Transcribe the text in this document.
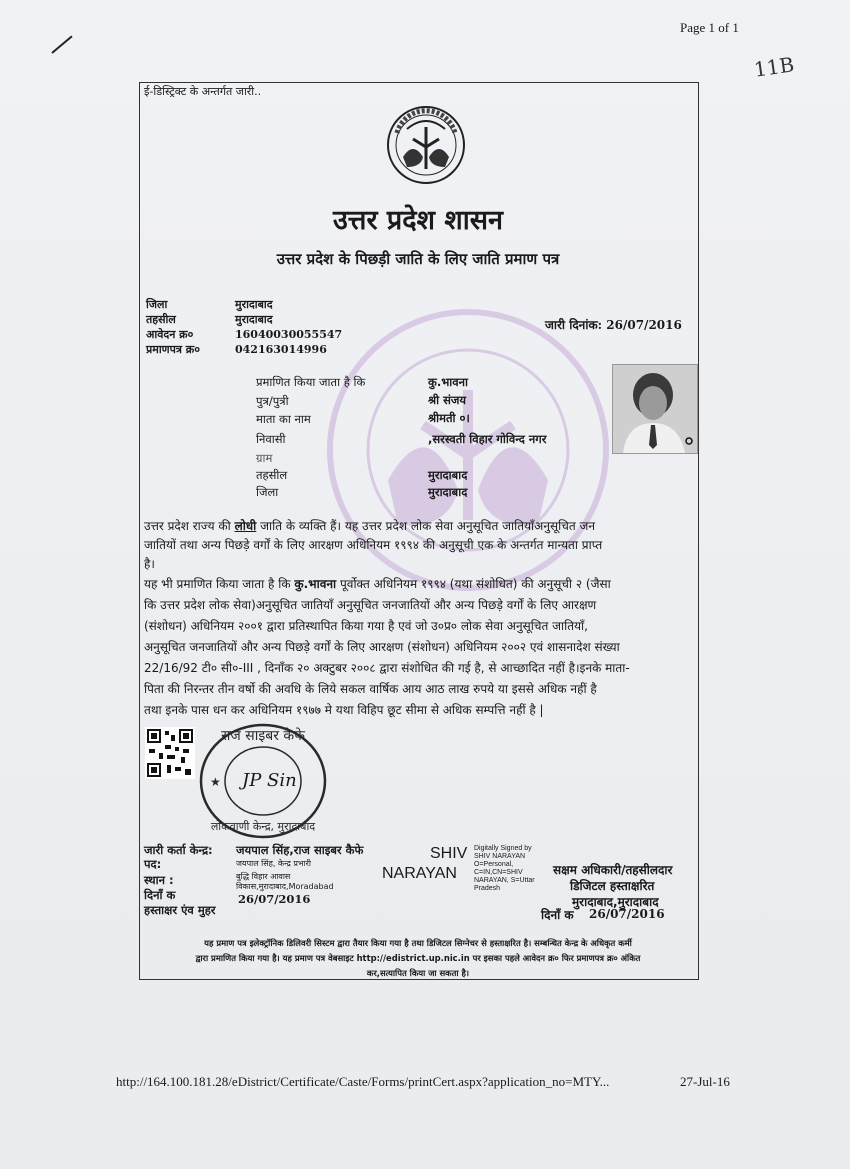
Page 1 of 1
11B
ई-डिस्ट्रिक्ट के अन्तर्गत जारी..
उत्तर प्रदेश शासन
उत्तर प्रदेश के पिछड़ी जाति के लिए जाति प्रमाण पत्र
जिला	मुरादाबाद
तहसील	मुरादाबाद
आवेदन क्र०	16040030055547
प्रमाणपत्र क्र०	042163014996
जारी दिनांक: 26/07/2016
प्रमाणित किया जाता है कि	कु.भावना
पुत्र/पुत्री	श्री संजय
माता का नाम	श्रीमती ०।
निवासी	,सरस्वती विहार गोविन्द नगर
ग्राम
तहसील	मुरादाबाद
जिला	मुरादाबाद
उत्तर प्रदेश राज्य की लोधी जाति के व्यक्ति हैं। यह उत्तर प्रदेश लोक सेवा अनुसूचित जातियाँअनुसूचित जन
जातियों तथा अन्य पिछड़े वर्गों के लिए आरक्षण अधिनियम १९९४ की अनुसूची एक के अन्तर्गत मान्यता प्राप्त
है।
यह भी प्रमाणित किया जाता है कि कु.भावना पूर्वोक्त अधिनियम १९९४ (यथा संशोधित) की अनुसूची २ (जैसा
कि उत्तर प्रदेश लोक सेवा)अनुसूचित जातियाँ अनुसूचित जनजातियों और अन्य पिछड़े वर्गों के लिए आरक्षण
(संशोधन) अधिनियम २००१ द्वारा प्रतिस्थापित किया गया है एवं जो उ०प्र० लोक सेवा अनुसूचित जातियाँ,
अनुसूचित जनजातियों और अन्य पिछड़े वर्गों के लिए आरक्षण (संशोधन) अधिनियम २००२ एवं शासनादेश संख्या
22/16/92 टी० सी०-III , दिनाँक २० अक्टुबर २००८ द्वारा संशोधित की गई है, से आच्छादित नहीं है।इनके माता-
पिता की निरन्तर तीन वर्षो की अवधि के लिये सकल वार्षिक आय आठ लाख रुपये या इससे अधिक नहीं है
तथा इनके पास धन कर अधिनियम १९७७ मे यथा विहिप छूट सीमा से अधिक सम्पत्ति नहीं है |
राज साइबर कैफे
लोकवाणी केन्द्र, मुरादाबाद
★ JP Sin
जारी कर्ता केन्द्र: जयपाल सिंह,राज साइबर कैफे
पद:	जयपाल सिंह, केन्द्र प्रभारी
स्थान :	बुद्धि विहार आवास
विकास,मुरादाबाद,Moradabad
दिनाँ क	26/07/2016
हस्ताक्षर एंव मुहर
SHIV
NARAYAN
Digitally Signed by SHIV NARAYAN O=Personal, C=IN,CN=SHIV NARAYAN, S=Uttar Pradesh
सक्षम अधिकारी/तहसीलदार
डिजिटल हस्ताक्षरित
मुरादाबाद,मुरादाबाद
दिनाँ क 26/07/2016
यह प्रमाण पत्र इलेक्ट्रॉनिक डिलिवरी सिस्टम द्वारा तैयार किया गया है तथा डिजिटल सिग्नेचर से हस्ताक्षरित है। सम्बन्धित केन्द्र के अधिकृत कर्मी
द्वारा प्रमाणित किया गया है। यह प्रमाण पत्र वेबसाइट http://edistrict.up.nic.in पर इसका पहले आवेदन क्र० फिर प्रमाणपत्र क्र० अंकित
कर,सत्यापित किया जा सकता है।
http://164.100.181.28/eDistrict/Certificate/Caste/Forms/printCert.aspx?application_no=MTY...	27-Jul-16
